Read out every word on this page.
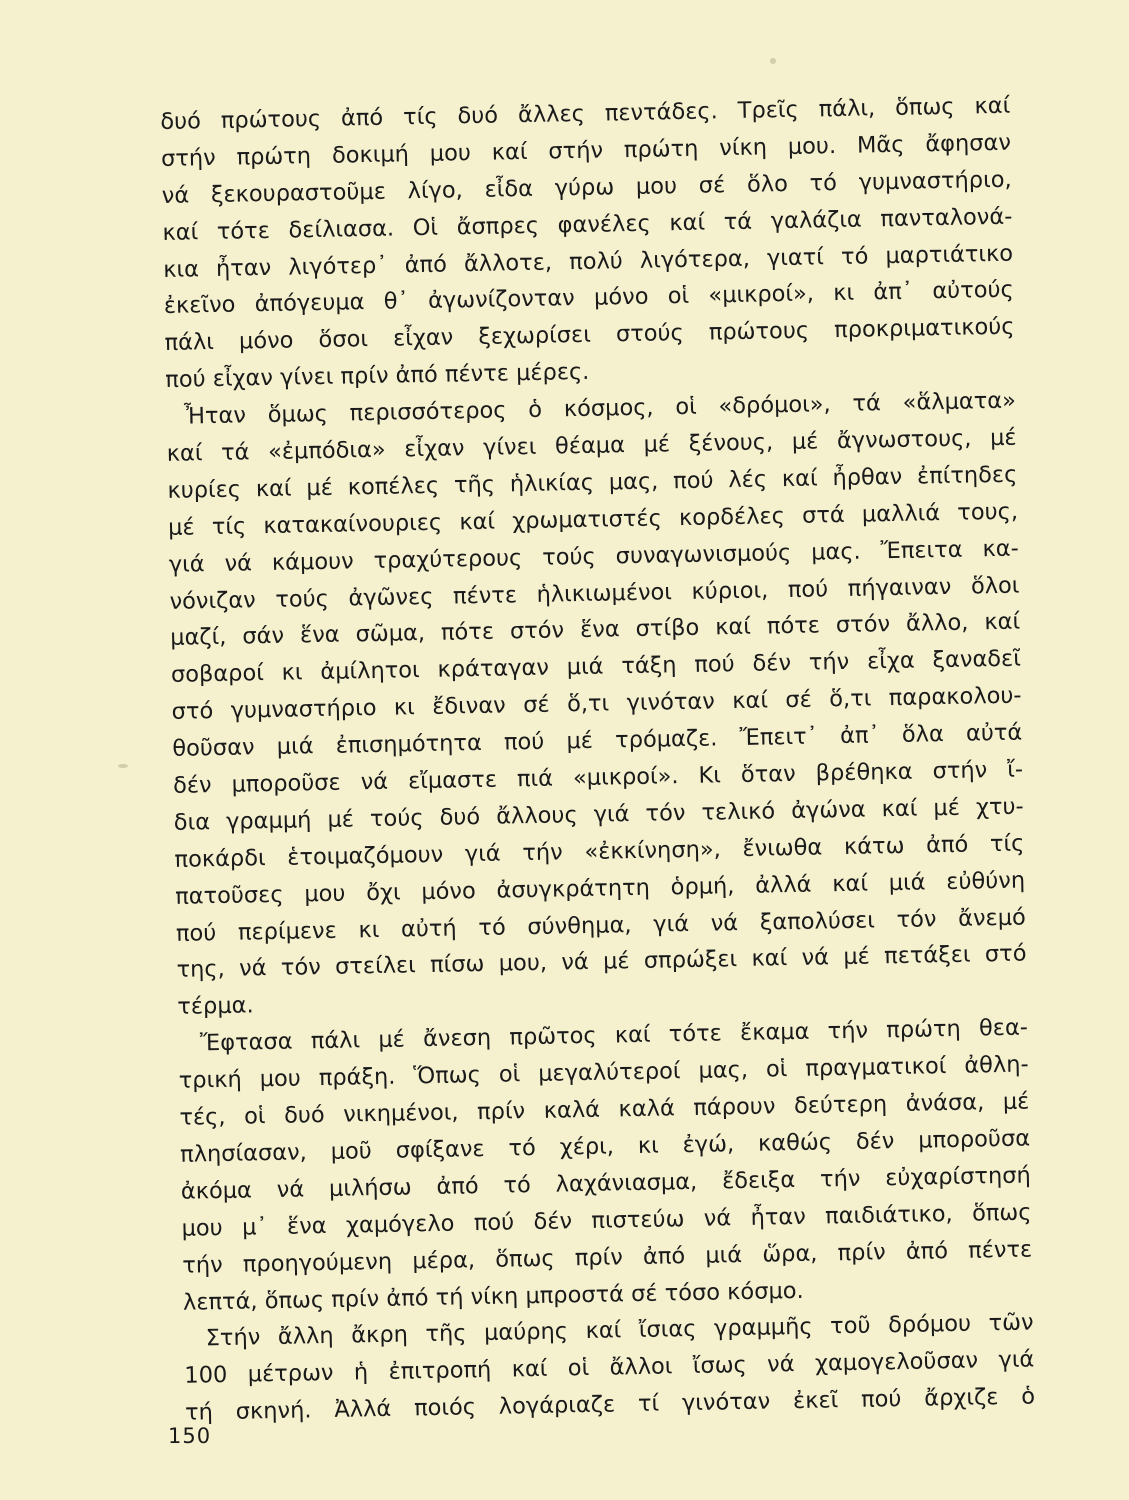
δυό πρώτους ἀπό τίς δυό ἄλλες πεντάδες. Τρεῖς πάλι, ὅπως καί
στήν πρώτη δοκιμή μου καί στήν πρώτη νίκη μου. Μᾶς ἄφησαν
νά ξεκουραστοῦμε λίγο, εἶδα γύρω μου σέ ὅλο τό γυμναστήριο,
καί τότε δείλιασα. Οἱ ἄσπρες φανέλες καί τά γαλάζια πανταλονά-
κια ἦταν λιγότερ᾽ ἀπό ἄλλοτε, πολύ λιγότερα, γιατί τό μαρτιάτικο
ἐκεῖνο ἀπόγευμα θ᾽ ἀγωνίζονταν μόνο οἱ «μικροί», κι ἀπ᾽ αὐτούς
πάλι μόνο ὅσοι εἶχαν ξεχωρίσει στούς πρώτους προκριματικούς
πού εἶχαν γίνει πρίν ἀπό πέντε μέρες.
Ἦταν ὅμως περισσότερος ὁ κόσμος, οἱ «δρόμοι», τά «ἅλματα»
καί τά «ἐμπόδια» εἶχαν γίνει θέαμα μέ ξένους, μέ ἄγνωστους, μέ
κυρίες καί μέ κοπέλες τῆς ἡλικίας μας, πού λές καί ἦρθαν ἐπίτηδες
μέ τίς κατακαίνουριες καί χρωματιστές κορδέλες στά μαλλιά τους,
γιά νά κάμουν τραχύτερους τούς συναγωνισμούς μας. Ἔπειτα κα-
νόνιζαν τούς ἀγῶνες πέντε ἡλικιωμένοι κύριοι, πού πήγαιναν ὅλοι
μαζί, σάν ἕνα σῶμα, πότε στόν ἕνα στίβο καί πότε στόν ἄλλο, καί
σοβαροί κι ἀμίλητοι κράταγαν μιά τάξη πού δέν τήν εἶχα ξαναδεῖ
στό γυμναστήριο κι ἔδιναν σέ ὅ,τι γινόταν καί σέ ὅ,τι παρακολου-
θοῦσαν μιά ἐπισημότητα πού μέ τρόμαζε. Ἔπειτ᾽ ἀπ᾽ ὅλα αὐτά
δέν μποροῦσε νά εἴμαστε πιά «μικροί». Κι ὅταν βρέθηκα στήν ἴ-
δια γραμμή μέ τούς δυό ἄλλους γιά τόν τελικό ἀγώνα καί μέ χτυ-
ποκάρδι ἑτοιμαζόμουν γιά τήν «ἐκκίνηση», ἔνιωθα κάτω ἀπό τίς
πατοῦσες μου ὄχι μόνο ἀσυγκράτητη ὁρμή, ἀλλά καί μιά εὐθύνη
πού περίμενε κι αὐτή τό σύνθημα, γιά νά ξαπολύσει τόν ἄνεμό
της, νά τόν στείλει πίσω μου, νά μέ σπρώξει καί νά μέ πετάξει στό
τέρμα.
Ἔφτασα πάλι μέ ἄνεση πρῶτος καί τότε ἔκαμα τήν πρώτη θεα-
τρική μου πράξη. Ὅπως οἱ μεγαλύτεροί μας, οἱ πραγματικοί ἀθλη-
τές, οἱ δυό νικημένοι, πρίν καλά καλά πάρουν δεύτερη ἀνάσα, μέ
πλησίασαν, μοῦ σφίξανε τό χέρι, κι ἐγώ, καθώς δέν μποροῦσα
ἀκόμα νά μιλήσω ἀπό τό λαχάνιασμα, ἔδειξα τήν εὐχαρίστησή
μου μ᾽ ἕνα χαμόγελο πού δέν πιστεύω νά ἦταν παιδιάτικο, ὅπως
τήν προηγούμενη μέρα, ὅπως πρίν ἀπό μιά ὥρα, πρίν ἀπό πέντε
λεπτά, ὅπως πρίν ἀπό τή νίκη μπροστά σέ τόσο κόσμο.
Στήν ἄλλη ἄκρη τῆς μαύρης καί ἴσιας γραμμῆς τοῦ δρόμου τῶν
100 μέτρων ἡ ἐπιτροπή καί οἱ ἄλλοι ἴσως νά χαμογελοῦσαν γιά
τή σκηνή. Ἀλλά ποιός λογάριαζε τί γινόταν ἐκεῖ πού ἄρχιζε ὁ
150
